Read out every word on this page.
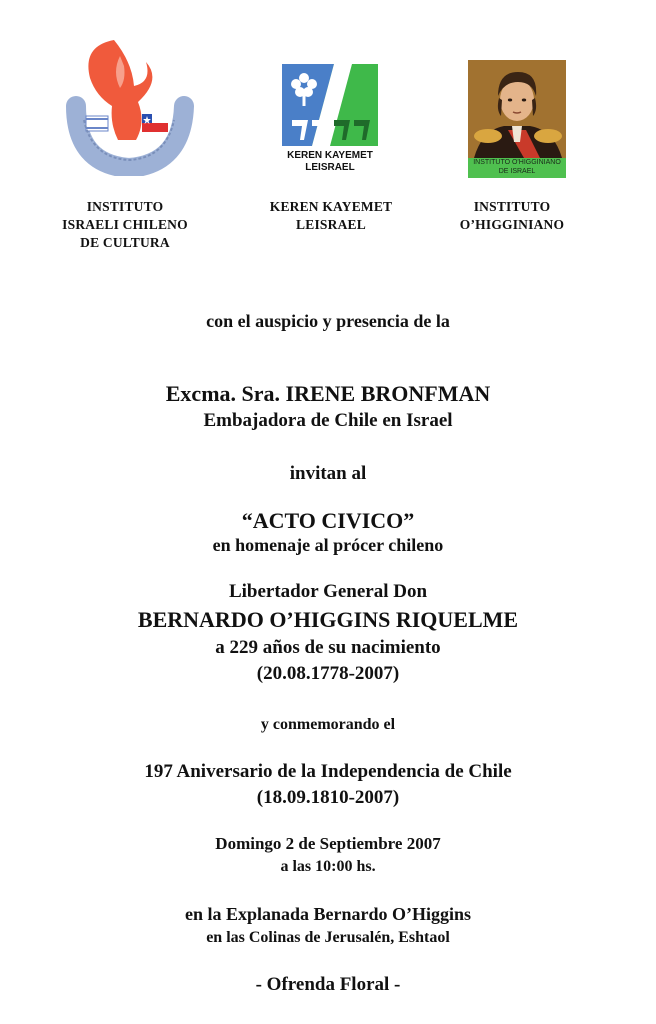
KEREN KAYEMET
LEISRAEL	INSTITUTO O'HIGGINIANO
DE ISRAEL
INSTITUTO
ISRAELI CHILENO
DE CULTURA
KEREN KAYEMET
LEISRAEL
INSTITUTO
O’HIGGINIANO
con el auspicio y presencia de la
Excma. Sra. IRENE BRONFMAN
Embajadora de Chile en Israel
invitan al
“ACTO CIVICO”
en homenaje al prócer chileno
Libertador General Don
BERNARDO O’HIGGINS RIQUELME
a 229 años de su nacimiento
(20.08.1778-2007)
y conmemorando el
197 Aniversario de la Independencia de Chile
(18.09.1810-2007)
Domingo 2 de Septiembre 2007
a las 10:00 hs.
en la Explanada Bernardo O’Higgins
en las Colinas de Jerusalén, Eshtaol
- Ofrenda Floral -
